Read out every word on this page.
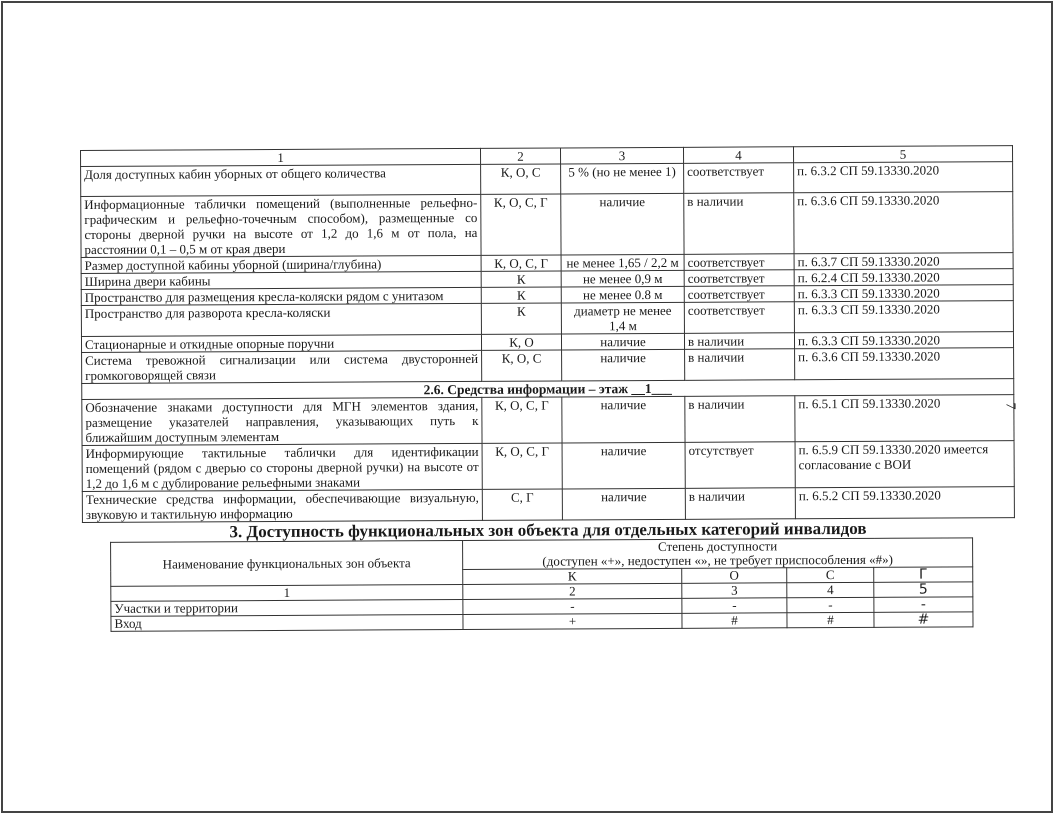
1	2	3	4	5
Доля доступных кабин уборных от общего количества	К, О, С	5 % (но не менее 1)	соответствует	п. 6.3.2 СП 59.13330.2020
Информационные таблички помещений (выполненные рельефно-графическим и рельефно-точечным способом), размещенные со стороны дверной ручки на высоте от 1,2 до 1,6 м от пола, на расстоянии 0,1 – 0,5 м от края двери	К, О, С, Г	наличие	в наличии	п. 6.3.6 СП 59.13330.2020
Размер доступной кабины уборной (ширина/глубина)	К, О, С, Г	не менее 1,65 / 2,2 м	соответствует	п. 6.3.7 СП 59.13330.2020
Ширина двери кабины	К	не менее 0,9 м	соответствует	п. 6.2.4 СП 59.13330.2020
Пространство для размещения кресла-коляски рядом с унитазом	К	не менее 0.8 м	соответствует	п. 6.3.3 СП 59.13330.2020
Пространство для разворота кресла-коляски	К	диаметр не менее 1,4 м	соответствует	п. 6.3.3 СП 59.13330.2020
Стационарные и откидные опорные поручни	К, О	наличие	в наличии	п. 6.3.3 СП 59.13330.2020
Система тревожной сигнализации или система двусторонней громкоговорящей связи	К, О, С	наличие	в наличии	п. 6.3.6 СП 59.13330.2020
2.6. Средства информации – этаж __1___				
Обозначение знаками доступности для МГН элементов здания, размещение указателей направления, указывающих путь к ближайшим доступным элементам	К, О, С, Г	наличие	в наличии	п. 6.5.1 СП 59.13330.2020
Информирующие тактильные таблички для идентификации помещений (рядом с дверью со стороны дверной ручки) на высоте от 1,2 до 1,6 м с дублирование рельефными знаками	К, О, С, Г	наличие	отсутствует	п. 6.5.9 СП 59.13330.2020 имеется согласование с ВОИ
Технические средства информации, обеспечивающие визуальную, звуковую и тактильную информацию	С, Г	наличие	в наличии	п. 6.5.2 СП 59.13330.2020
3. Доступность функциональных зон объекта для отдельных категорий инвалидов
Наименование функциональных зон объекта	Степень доступности
(доступен «+», недоступен «», не требует приспособления «#»)			

	К	О	С	Г
1	2	3	4	5
Участки и территории	-	-	-	-
Вход	+	#	#	#
7
